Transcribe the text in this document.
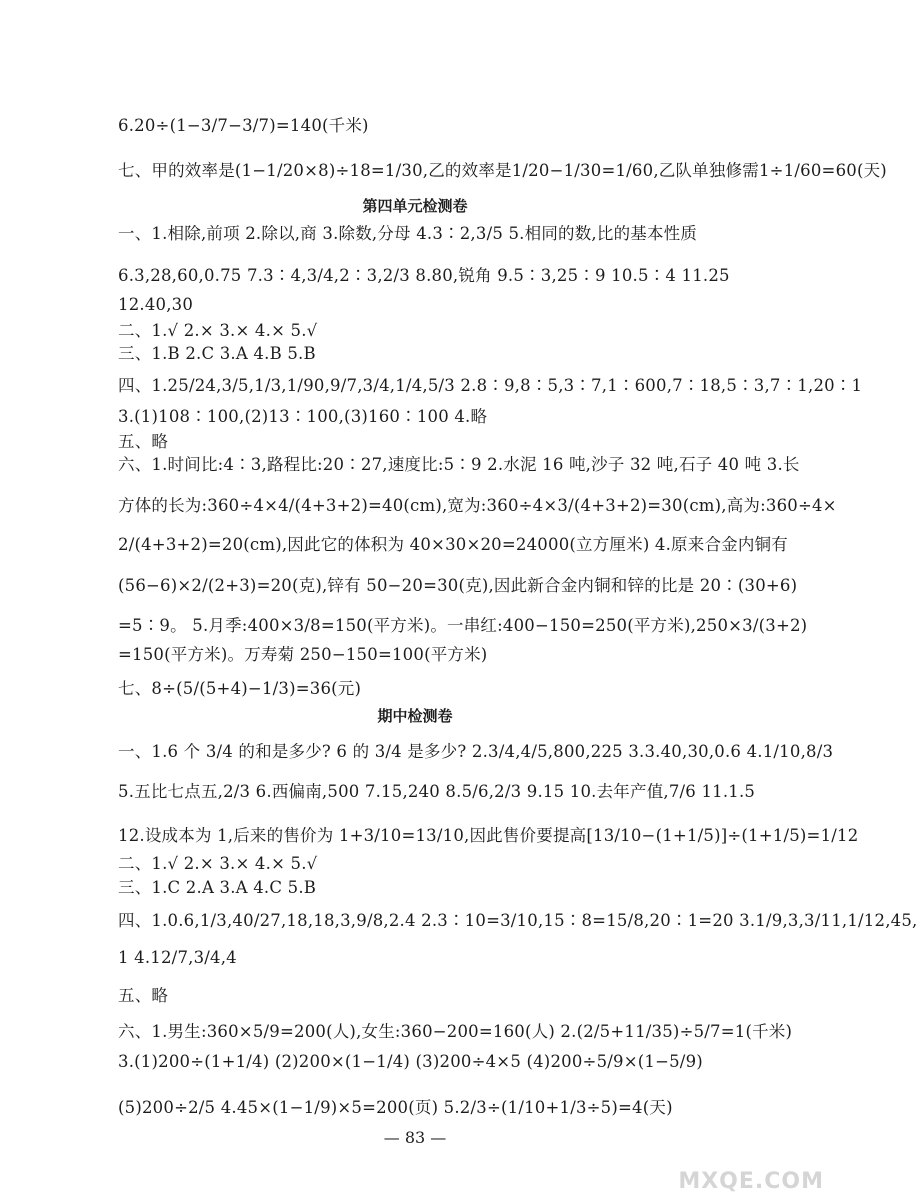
6.20÷(1−3/7−3/7)=140(千米)
七、甲的效率是(1−1/20×8)÷18=1/30,乙的效率是1/20−1/30=1/60,乙队单独修需1÷1/60=60(天)
第四单元检测卷
一、1.相除,前项 2.除以,商 3.除数,分母 4.3∶2,3/5 5.相同的数,比的基本性质
6.3,28,60,0.75 7.3∶4,3/4,2∶3,2/3 8.80,锐角 9.5∶3,25∶9 10.5∶4 11.25
12.40,30
二、1.√ 2.× 3.× 4.× 5.√
三、1.B 2.C 3.A 4.B 5.B
四、1.25/24,3/5,1/3,1/90,9/7,3/4,1/4,5/3 2.8∶9,8∶5,3∶7,1∶600,7∶18,5∶3,7∶1,20∶1
3.(1)108∶100,(2)13∶100,(3)160∶100 4.略
五、略
六、1.时间比:4∶3,路程比:20∶27,速度比:5∶9 2.水泥 16 吨,沙子 32 吨,石子 40 吨 3.长
方体的长为:360÷4×4/(4+3+2)=40(cm),宽为:360÷4×3/(4+3+2)=30(cm),高为:360÷4×
2/(4+3+2)=20(cm),因此它的体积为 40×30×20=24000(立方厘米) 4.原来合金内铜有
(56−6)×2/(2+3)=20(克),锌有 50−20=30(克),因此新合金内铜和锌的比是 20∶(30+6)
=5∶9。 5.月季:400×3/8=150(平方米)。一串红:400−150=250(平方米),250×3/(3+2)
=150(平方米)。万寿菊 250−150=100(平方米)
七、8÷(5/(5+4)−1/3)=36(元)
期中检测卷
一、1.6 个 3/4 的和是多少? 6 的 3/4 是多少? 2.3/4,4/5,800,225 3.3.40,30,0.6 4.1/10,8/3
5.五比七点五,2/3 6.西偏南,500 7.15,240 8.5/6,2/3 9.15 10.去年产值,7/6 11.1.5
12.设成本为 1,后来的售价为 1+3/10=13/10,因此售价要提高[13/10−(1+1/5)]÷(1+1/5)=1/12
二、1.√ 2.× 3.× 4.× 5.√
三、1.C 2.A 3.A 4.C 5.B
四、1.0.6,1/3,40/27,18,18,3,9/8,2.4 2.3∶10=3/10,15∶8=15/8,20∶1=20 3.1/9,3,3/11,1/12,45,
1 4.12/7,3/4,4
五、略
六、1.男生:360×5/9=200(人),女生:360−200=160(人) 2.(2/5+11/35)÷5/7=1(千米)
3.(1)200÷(1+1/4) (2)200×(1−1/4) (3)200÷4×5 (4)200÷5/9×(1−5/9)
(5)200÷2/5 4.45×(1−1/9)×5=200(页) 5.2/3÷(1/10+1/3÷5)=4(天)
— 83 —
MXQE.COM
